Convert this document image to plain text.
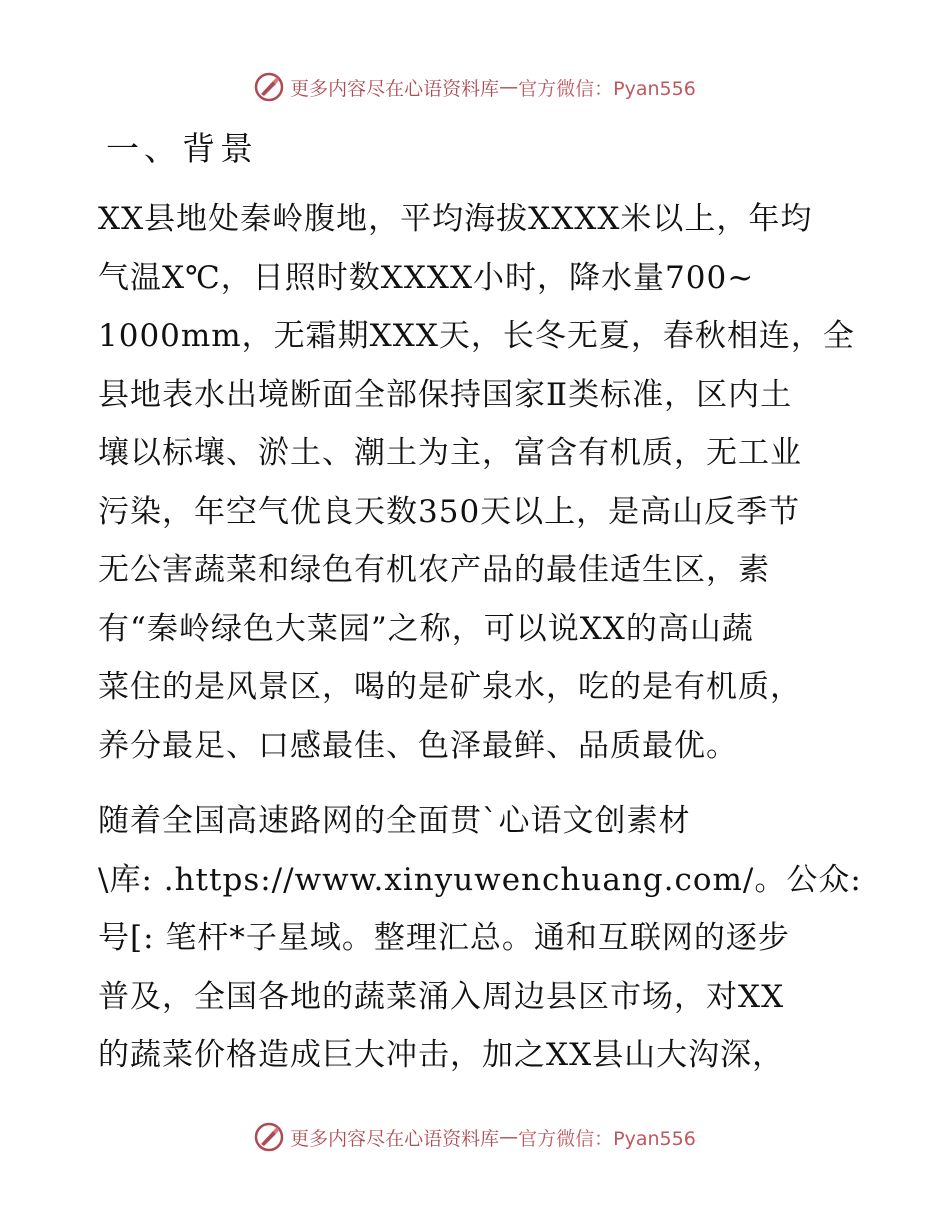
更多内容尽在心语资料库 — 官方微信：Pyan556
一、背景
XX县地处秦岭腹地，平均海拔XXXX米以上，年均
气温X℃，日照时数XXXX小时，降水量700~
1000mm，无霜期XXX天，长冬无夏，春秋相连，全
县地表水出境断面全部保持国家Ⅱ类标准，区内土
壤以标壤、淤土、潮土为主，富含有机质，无工业
污染，年空气优良天数350天以上，是高山反季节
无公害蔬菜和绿色有机农产品的最佳适生区，素
有“秦岭绿色大菜园”之称，可以说XX的高山蔬
菜住的是风景区，喝的是矿泉水，吃的是有机质，
养分最足、口感最佳、色泽最鲜、品质最优。
随着全国高速路网的全面贯`心语文创素材
\库: .https://www.xinyuwenchuang.com/。公众:
号[: 笔杆*子星域。整理汇总。通和互联网的逐步
普及，全国各地的蔬菜涌入周边县区市场，对XX
的蔬菜价格造成巨大冲击，加之XX县山大沟深，
更多内容尽在心语资料库 — 官方微信：Pyan556
